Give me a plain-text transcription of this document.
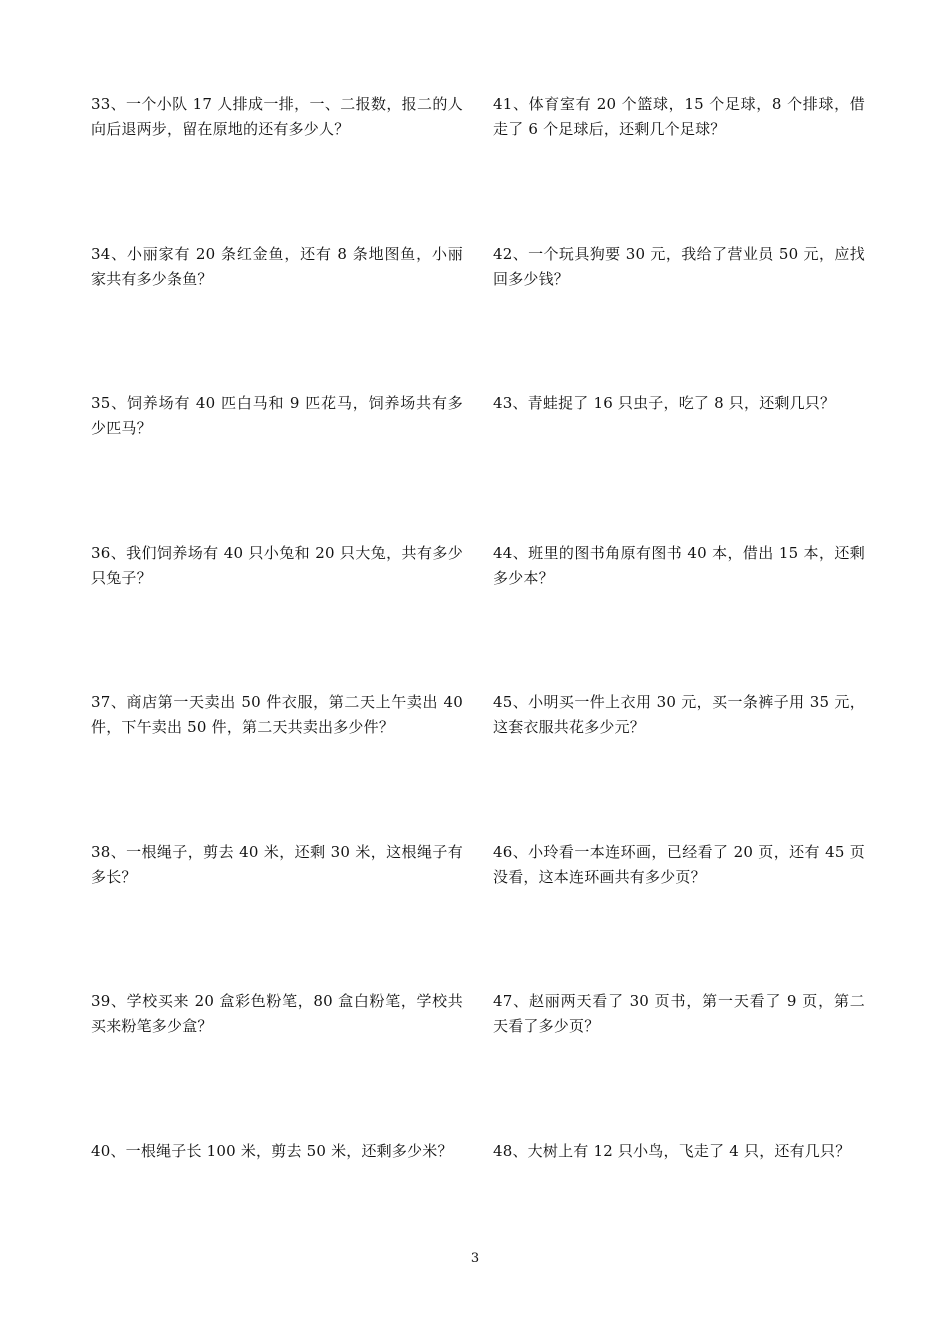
33、一个小队 17 人排成一排，一、二报数，报二的人向后退两步，留在原地的还有多少人？
34、小丽家有 20 条红金鱼，还有 8 条地图鱼，小丽家共有多少条鱼？
35、饲养场有 40 匹白马和 9 匹花马，饲养场共有多少匹马？
36、我们饲养场有 40 只小兔和 20 只大兔，共有多少只兔子？
37、商店第一天卖出 50 件衣服，第二天上午卖出 40 件，下午卖出 50 件，第二天共卖出多少件？
38、一根绳子，剪去 40 米，还剩 30 米，这根绳子有多长？
39、学校买来 20 盒彩色粉笔，80 盒白粉笔，学校共买来粉笔多少盒？
40、一根绳子长 100 米，剪去 50 米，还剩多少米？
41、体育室有 20 个篮球，15 个足球，8 个排球，借走了 6 个足球后，还剩几个足球？
42、一个玩具狗要 30 元，我给了营业员 50 元，应找回多少钱？
43、青蛙捉了 16 只虫子，吃了 8 只，还剩几只？
44、班里的图书角原有图书 40 本，借出 15 本，还剩多少本？
45、小明买一件上衣用 30 元，买一条裤子用 35 元，这套衣服共花多少元？
46、小玲看一本连环画，已经看了 20 页，还有 45 页没看，这本连环画共有多少页？
47、赵丽两天看了 30 页书，第一天看了 9 页，第二天看了多少页？
48、大树上有 12 只小鸟，飞走了 4 只，还有几只？
3
